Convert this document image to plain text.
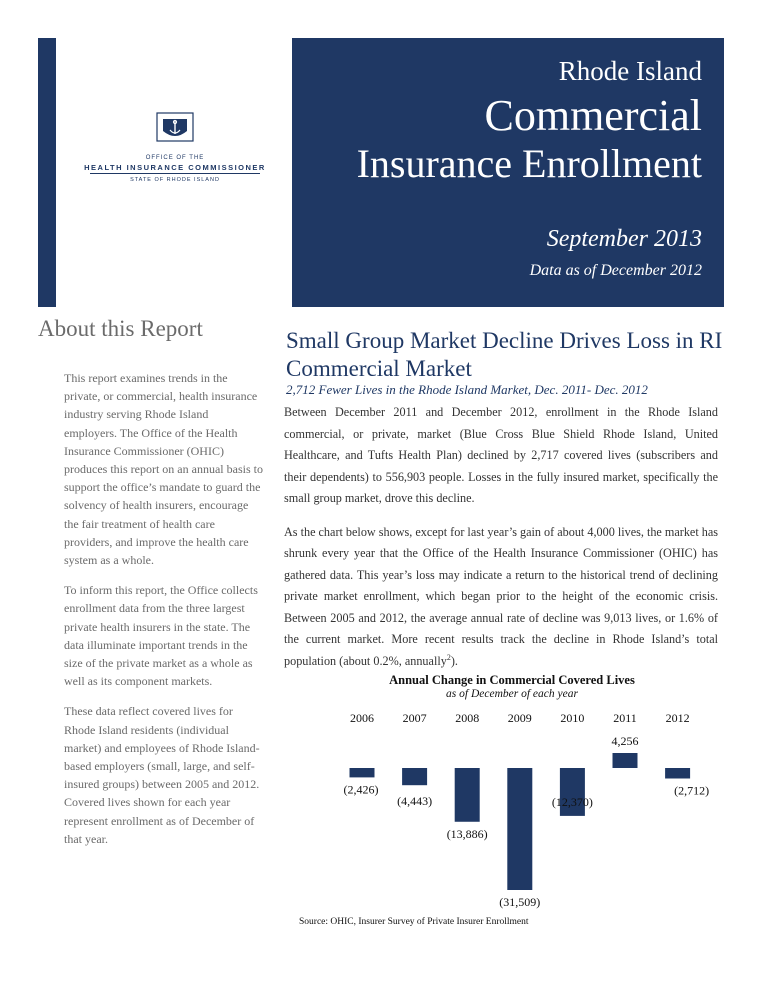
OFFICE OF THE
HEALTH INSURANCE COMMISSIONER
STATE OF RHODE ISLAND
Rhode Island
Commercial
Insurance Enrollment
September 2013
Data as of December 2012
About this Report

This report examines trends in the private, or commercial, health insurance industry serving Rhode Island employers. The Office of the Health Insurance Commissioner (OHIC) produces this report on an annual basis to support the office’s mandate to guard the solvency of health insurers, encourage the fair treatment of health care providers, and improve the health care system as a whole.

To inform this report, the Office collects enrollment data from the three largest private health insurers in the state. The data illuminate important trends in the size of the private market as a whole as well as its component markets.

These data reflect covered lives for Rhode Island residents (individual market) and employees of Rhode Island-based employers (small, large, and self-insured groups) between 2005 and 2012. Covered lives shown for each year represent enrollment as of December of that year.

Small Group Market Decline Drives Loss in RI Commercial Market
2,712 Fewer Lives in the Rhode Island Market, Dec. 2011- Dec. 2012

Between December 2011 and December 2012, enrollment in the Rhode Island commercial, or private, market (Blue Cross Blue Shield Rhode Island, United Healthcare, and Tufts Health Plan) declined by 2,717 covered lives (subscribers and their dependents) to 556,903 people. Losses in the fully insured market, specifically the small group market, drove this decline.

As the chart below shows, except for last year’s gain of about 4,000 lives, the market has shrunk every year that the Office of the Health Insurance Commissioner (OHIC) has gathered data. This year’s loss may indicate a return to the historical trend of declining private market enrollment, which began prior to the height of the economic crisis. Between 2005 and 2012, the average annual rate of decline was 9,013 lives, or 1.6% of the current market. More recent results track the decline in Rhode Island’s total population (about 0.2%, annually$^2$).

Annual Change in Commercial Covered Lives
as of December of each year
2006
(2,426)
2007
(4,443)
2008
(13,886)
2009
(31,509)
2010
(12,370)
2011
4,256
2012
(2,712)
Source: OHIC, Insurer Survey of Private Insurer Enrollment
